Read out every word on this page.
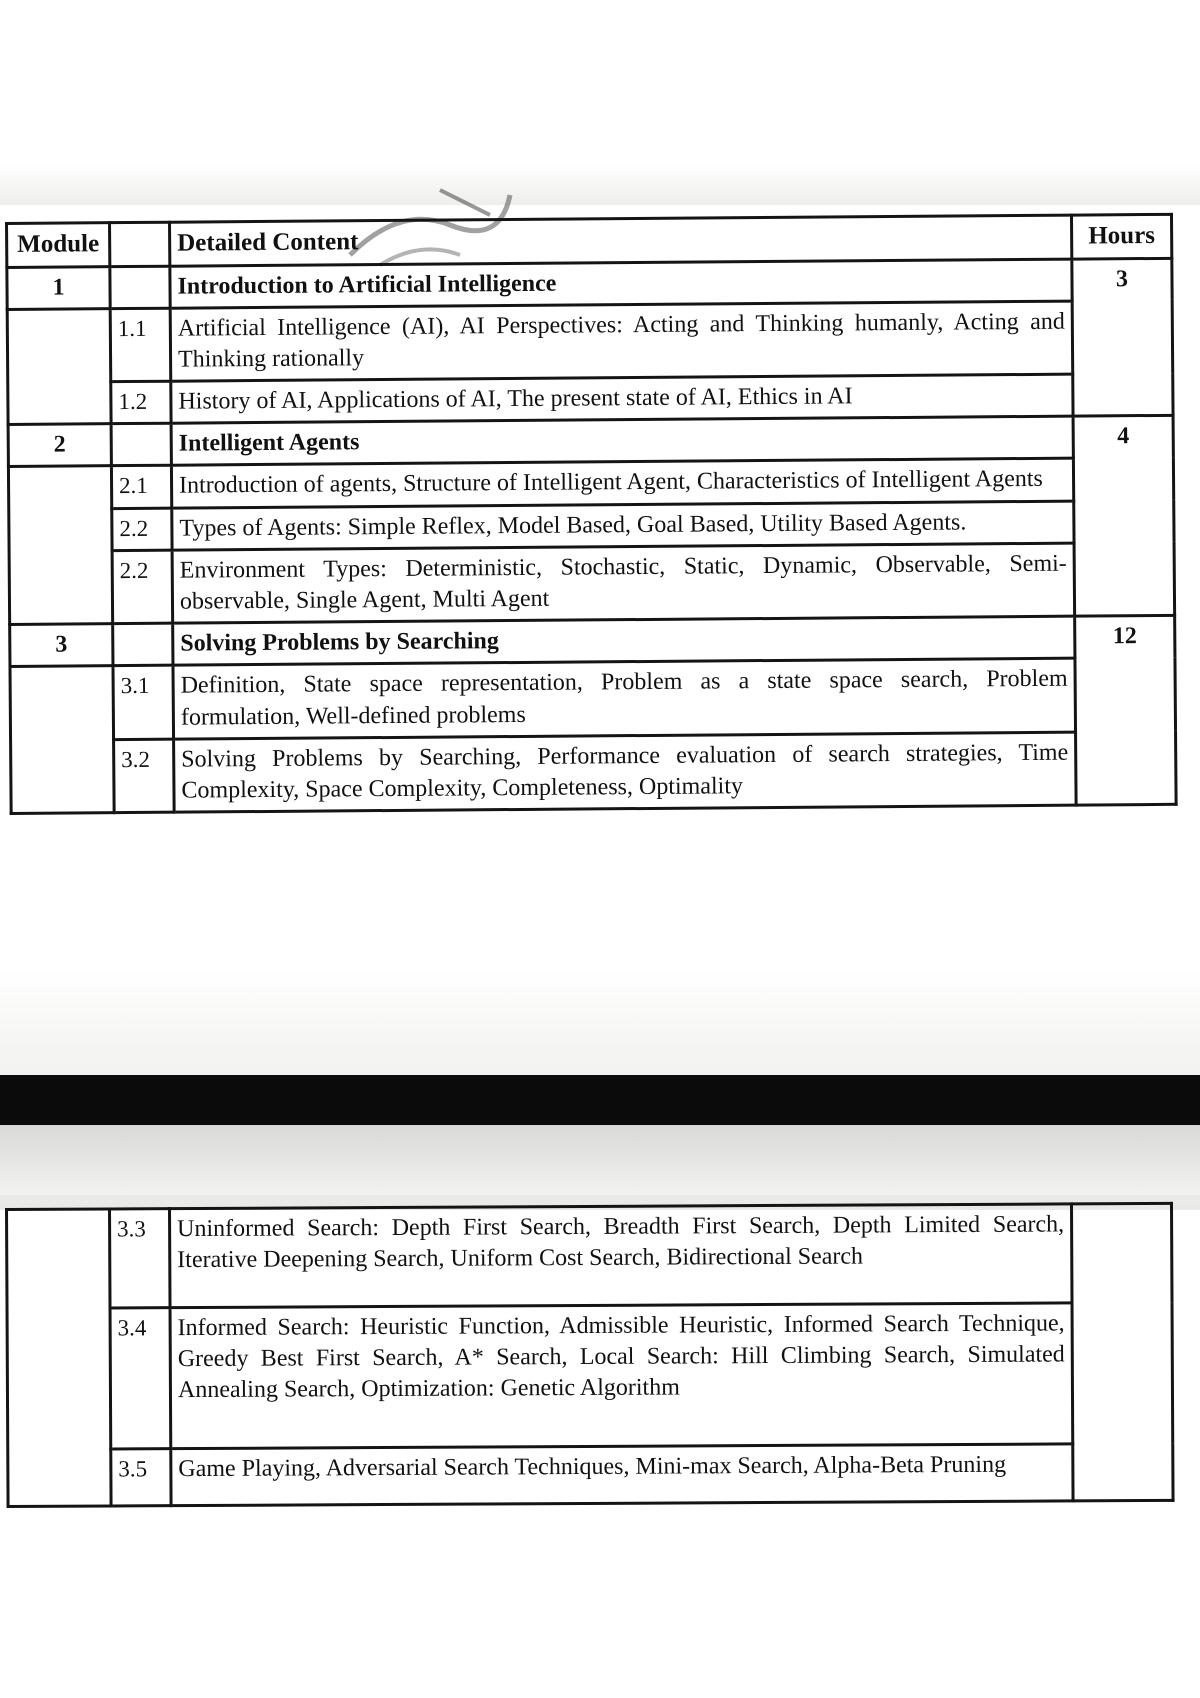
Module		Detailed Content	Hours
1		Introduction to Artificial Intelligence	3
	1.1	Artificial Intelligence (AI), AI Perspectives: Acting and Thinking humanly, Acting and Thinking rationally	
	1.2	History of AI, Applications of AI, The present state of AI, Ethics in AI	
2		Intelligent Agents	4
	2.1	Introduction of agents, Structure of Intelligent Agent, Characteristics of Intelligent Agents	
	2.2	Types of Agents: Simple Reflex, Model Based, Goal Based, Utility Based Agents.	
	2.2	Environment Types: Deterministic, Stochastic, Static, Dynamic, Observable, Semi-observable, Single Agent, Multi Agent	
3		Solving Problems by Searching	12
	3.1	Definition, State space representation, Problem as a state space search, Problem formulation, Well-defined problems	
	3.2	Solving Problems by Searching, Performance evaluation of search strategies, Time Complexity, Space Complexity, Completeness, Optimality	
	3.3	Uninformed Search: Depth First Search, Breadth First Search, Depth Limited Search, Iterative Deepening Search, Uniform Cost Search, Bidirectional Search	
	3.4	Informed Search: Heuristic Function, Admissible Heuristic, Informed Search Technique, Greedy Best First Search, A* Search, Local Search: Hill Climbing Search, Simulated Annealing Search, Optimization: Genetic Algorithm	
	3.5	Game Playing, Adversarial Search Techniques, Mini-max Search, Alpha-Beta Pruning	
